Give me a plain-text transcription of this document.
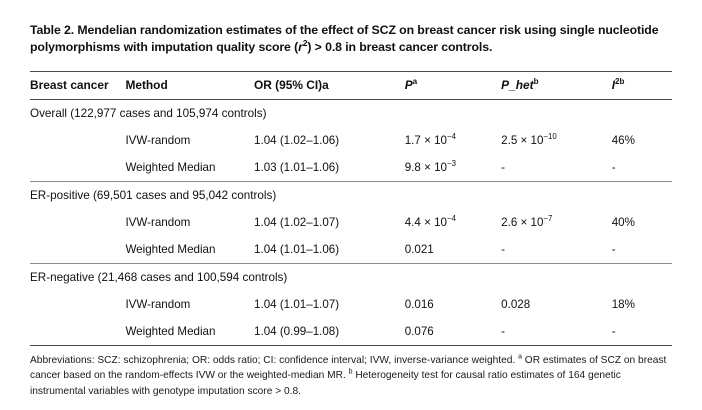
Table 2. Mendelian randomization estimates of the effect of SCZ on breast cancer risk using single nucleotide polymorphisms with imputation quality score $(r^2) > 0.8$ in breast cancer controls.
Breast cancer	Method	OR (95% CI)a	$P^a$	P_het$^b$	$I^{2b}$
Overall (122,977 cases and 105,974 controls)					
	IVW-random	1.04 (1.02–1.06)	$1.7 \times 10^{-4}$	$2.5 \times 10^{-10}$	46%
	Weighted Median	1.03 (1.01–1.06)	$9.8 \times 10^{-3}$	-	-
ER-positive (69,501 cases and 95,042 controls)					
	IVW-random	1.04 (1.02–1.07)	$4.4 \times 10^{-4}$	$2.6 \times 10^{-7}$	40%
	Weighted Median	1.04 (1.01–1.06)	0.021	-	-
ER-negative (21,468 cases and 100,594 controls)					
	IVW-random	1.04 (1.01–1.07)	0.016	0.028	18%
	Weighted Median	1.04 (0.99–1.08)	0.076	-	-
Abbreviations: SCZ: schizophrenia; OR: odds ratio; CI: confidence interval; IVW, inverse-variance weighted. $^a$ OR estimates of SCZ on breast cancer based on the random-effects IVW or the weighted-median MR. $^b$ Heterogeneity test for causal ratio estimates of 164 genetic instrumental variables with genotype imputation score > 0.8.
